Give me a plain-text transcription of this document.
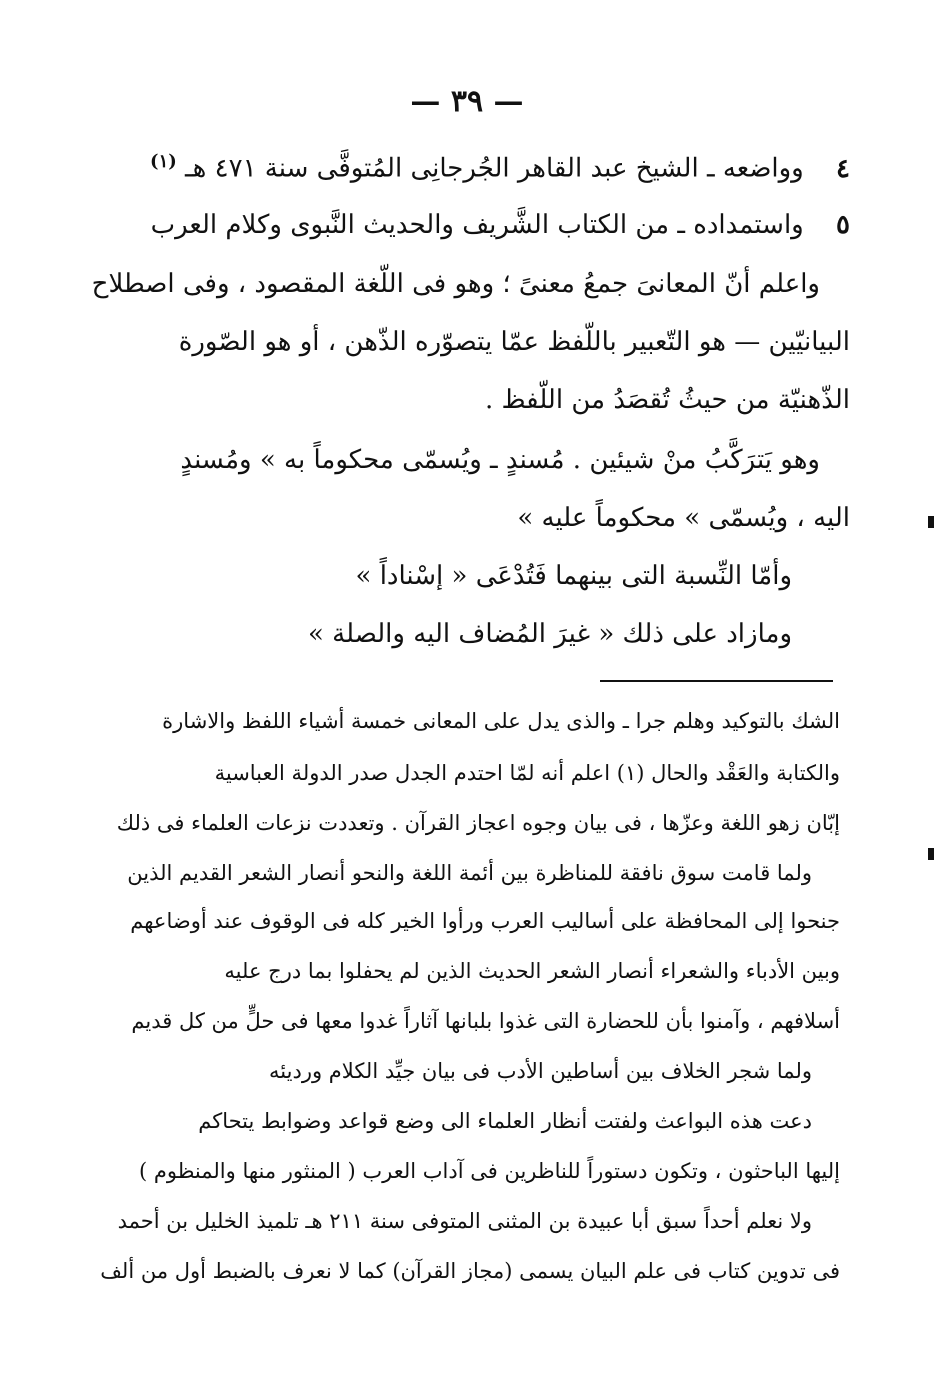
— ٣٩ —
٤ وواضعه ـ الشيخ عبد القاهر الجُرجانِى المُتوفَّى سنة ٤٧١ هـ $^{(١)}$
٥ واستمداده ـ من الكتاب الشَّريف والحديث النَّبوى وكلام العرب
واعلم أنّ المعانىَ جمعُ معنىً ؛ وهو فى اللّغة المقصود ، وفى اصطلاح
البيانيّين — هو التّعبير باللّفظ عمّا يتصوّره الذّهن ، أو هو الصّورة
الذّهنيّة من حيثُ تُقصَدُ من اللّفظ .
وهو يَترَكَّبُ منْ شيئين . مُسندٍ ـ ويُسمّى محكوماً به » ومُسندٍ
اليه ، ويُسمّى » محكوماً عليه »
وأمّا النِّسبة التى بينهما فَتُدْعَى « إسْناداً »
ومازاد على ذلك « غيرَ المُضاف اليه والصلة »
الشك بالتوكيد وهلم جرا ـ والذى يدل على المعانى خمسة أشياء اللفظ والاشارة
والكتابة والعَقْد والحال (١) اعلم أنه لمّا احتدم الجدل صدر الدولة العباسية
إبّان زهو اللغة وعزّها ، فى بيان وجوه اعجاز القرآن . وتعددت نزعات العلماء فى ذلك
ولما قامت سوق نافقة للمناظرة بين أئمة اللغة والنحو أنصار الشعر القديم الذين
جنحوا إلى المحافظة على أساليب العرب ورأوا الخير كله فى الوقوف عند أوضاعهم
وبين الأدباء والشعراء أنصار الشعر الحديث الذين لم يحفلوا بما درج عليه
أسلافهم ، وآمنوا بأن للحضارة التى غذوا بلبانها آثاراً غدوا معها فى حلٍّ من كل قديم
ولما شجر الخلاف بين أساطين الأدب فى بيان جيِّد الكلام ورديئه
دعت هذه البواعث ولفتت أنظار العلماء الى وضع قواعد وضوابط يتحاكم
إليها الباحثون ، وتكون دستوراً للناظرين فى آداب العرب ( المنثور منها والمنظوم )
ولا نعلم أحداً سبق أبا عبيدة بن المثنى المتوفى سنة ٢١١ هـ تلميذ الخليل بن أحمد
فى تدوين كتاب فى علم البيان يسمى (مجاز القرآن) كما لا نعرف بالضبط أول من ألف
